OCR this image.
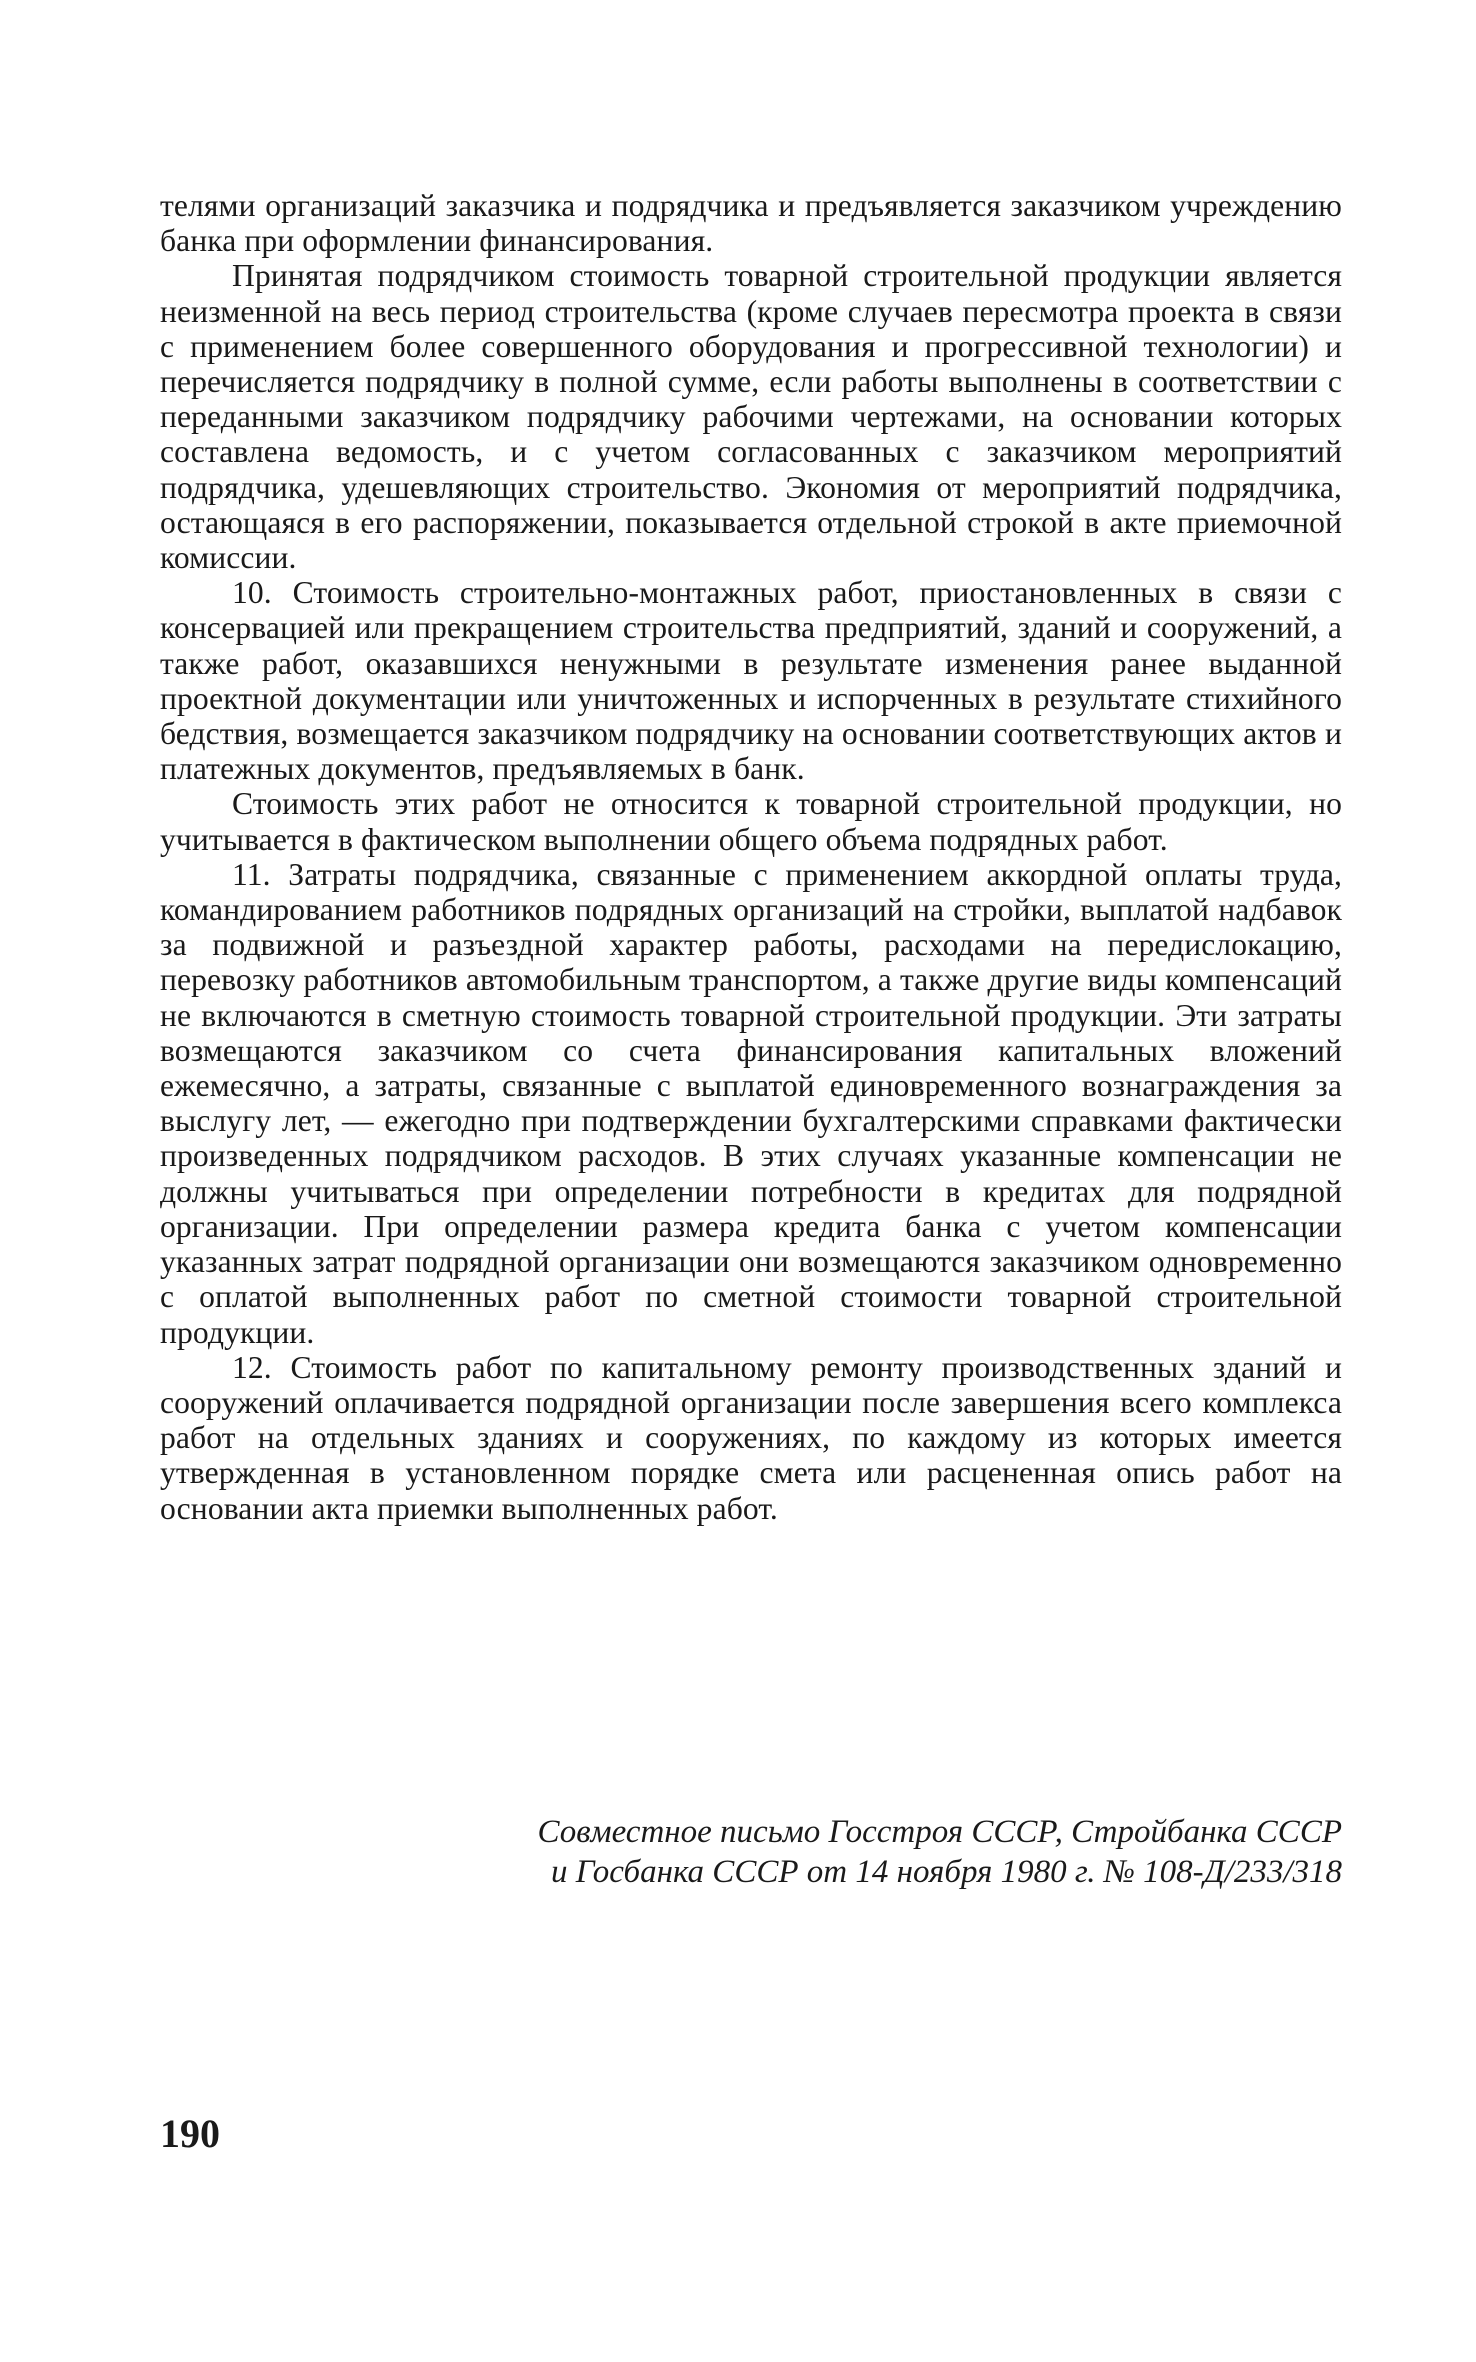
телями организаций заказчика и подрядчика и предъявляется заказчиком учреждению банка при оформлении финансирования.

Принятая подрядчиком стоимость товарной строительной продукции является неизменной на весь период строительства (кроме случаев пересмотра проекта в связи с применением более совершенного оборудования и прогрессивной технологии) и перечисляется подрядчику в полной сумме, если работы выполнены в соответствии с переданными заказчиком подрядчику рабочими чертежами, на основании которых составлена ведомость, и с учетом согласованных с заказчиком мероприятий подрядчика, удешевляющих строительство. Экономия от мероприятий подрядчика, остающаяся в его распоряжении, показывается отдельной строкой в акте приемочной комиссии.

10. Стоимость строительно-монтажных работ, приостановленных в связи с консервацией или прекращением строительства предприятий, зданий и сооружений, а также работ, оказавшихся ненужными в результате изменения ранее выданной проектной документации или уничтоженных и испорченных в результате стихийного бедствия, возмещается заказчиком подрядчику на основании соответствующих актов и платежных документов, предъявляемых в банк.

Стоимость этих работ не относится к товарной строительной продукции, но учитывается в фактическом выполнении общего объема подрядных работ.

11. Затраты подрядчика, связанные с применением аккордной оплаты труда, командированием работников подрядных организаций на стройки, выплатой надбавок за подвижной и разъездной характер работы, расходами на передислокацию, перевозку работников автомобильным транспортом, а также другие виды компенсаций не включаются в сметную стоимость товарной строительной продукции. Эти затраты возмещаются заказчиком со счета финансирования капитальных вложений ежемесячно, а затраты, связанные с выплатой единовременного вознаграждения за выслугу лет, — ежегодно при подтверждении бухгалтерскими справками фактически произведенных подрядчиком расходов. В этих случаях указанные компенсации не должны учитываться при определении потребности в кредитах для подрядной организации. При определении размера кредита банка с учетом компенсации указанных затрат подрядной организации они возмещаются заказчиком одновременно с оплатой выполненных работ по сметной стоимости товарной строительной продукции.

12. Стоимость работ по капитальному ремонту производственных зданий и сооружений оплачивается подрядной организации после завершения всего комплекса работ на отдельных зданиях и сооружениях, по каждому из которых имеется утвержденная в установленном порядке смета или расцененная опись работ на основании акта приемки выполненных работ.

Совместное письмо Госстроя СССР, Стройбанка СССР
и Госбанка СССР от 14 ноября 1980 г. № 108-Д/233/318
190
